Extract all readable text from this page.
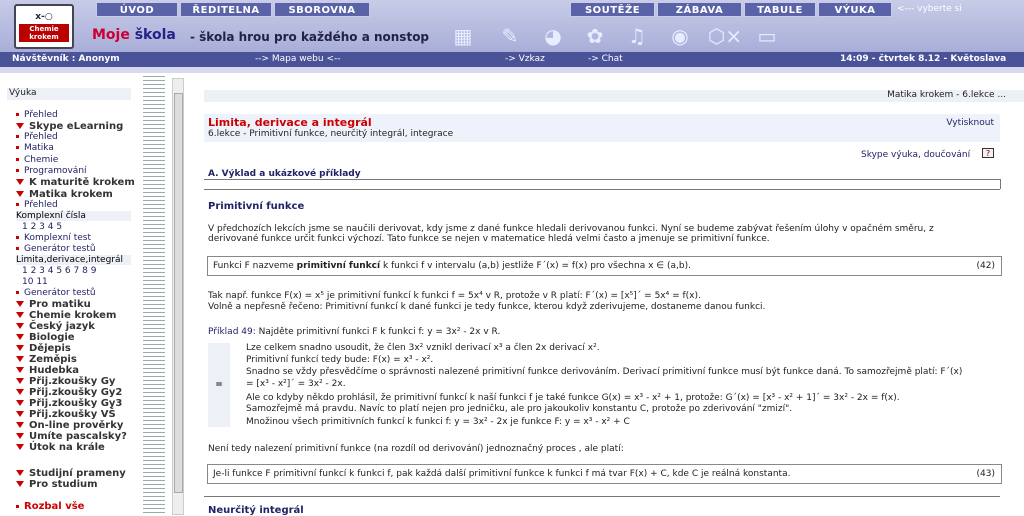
x-○
Chemie krokem
ÚVOD	ŘEDITELNA	SBOROVNA	SOUTĚŽE	ZÁBAVA	TABULE	VÝUKA	<--- vyberte si
Moje škola - škola hrou pro každého a nonstop ▦	✎	◕	✿	♫	◉ ⬡× ▭
Návštěvník : Anonym	--> Mapa webu <--	-> Vzkaz	-> Chat	14:09 - čtvrtek 8.12 - Květoslava
Výuka
Přehled
Skype eLearning
Přehled
Matika
Chemie
Programování
K maturitě krokem
Matika krokem
Přehled
Komplexní čísla
1 2 3 4 5
Komplexní test
Generátor testů
Limita,derivace,integrál
1 2 3 4 5 6 7 8 9
10 11
Generátor testů
Pro matiku
Chemie krokem
Český jazyk
Biologie
Dějepis
Zeměpis
Hudebka
Přij.zkoušky Gy
Přij.zkoušky Gy2
Přij.zkoušky Gy3
Přij.zkoušky VŠ
On-line prověrky
Umíte pascalsky?
Útok na krále
Studijní prameny
Pro studium
Rozbal vše
Matika krokem - 6.lekce ...
Limita, derivace a integrál
6.lekce - Primitivní funkce, neurčitý integrál, integrace
Vytisknout
Skype výuka, doučování	?
A. Výklad a ukázkové příklady
Primitivní funkce
V předchozích lekcích jsme se naučili derivovat, kdy jsme z dané funkce hledali derivovanou funkci. Nyní se budeme zabývat řešením úlohy v opačném směru, z
derivované funkce určit funkci výchozí. Tato funkce se nejen v matematice hledá velmi často a jmenuje se primitivní funkce.
Funkci F nazveme primitivní funkcí k funkci f v intervalu (a,b) jestliže F´(x) = f(x) pro všechna x ∈ (a,b).	(42)
Tak např. funkce F(x) = x⁵ je primitivní funkcí k funkci f = 5x⁴ v R, protože v R platí: F´(x) = [x⁵]´ = 5x⁴ = f(x).
Volně a nepřesně řečeno: Primitivní funkcí k dané funkci je tedy funkce, kterou když zderivujeme, dostaneme danou funkci.
Příklad 49: Najděte primitivní funkci F k funkci f: y = 3x² - 2x v R.
=
Lze celkem snadno usoudit, že člen 3x² vznikl derivací x³ a člen 2x derivací x².
Primitivní funkcí tedy bude: F(x) = x³ - x².
Snadno se vždy přesvědčíme o správnosti nalezené primitivní funkce derivováním. Derivací primitivní funkce musí být funkce daná. To samozřejmě platí: F´(x)
= [x³ - x²]´ = 3x² - 2x.
Ale co kdyby někdo prohlásil, že primitivní funkcí k naší funkci f je také funkce G(x) = x³ - x² + 1, protože: G´(x) = [x³ - x² + 1]´ = 3x² - 2x = f(x).
Samozřejmě má pravdu. Navíc to platí nejen pro jedničku, ale pro jakoukoliv konstantu C, protože po zderivování "zmizí".
Množinou všech primitivních funkcí k funkci f: y = 3x² - 2x je funkce F: y = x³ - x² + C
Není tedy nalezení primitivní funkce (na rozdíl od derivování) jednoznačný proces , ale platí:
Je-li funkce F primitivní funkcí k funkci f, pak každá další primitivní funkce k funkci f má tvar F(x) + C, kde C je reálná konstanta.	(43)
Neurčitý integrál
